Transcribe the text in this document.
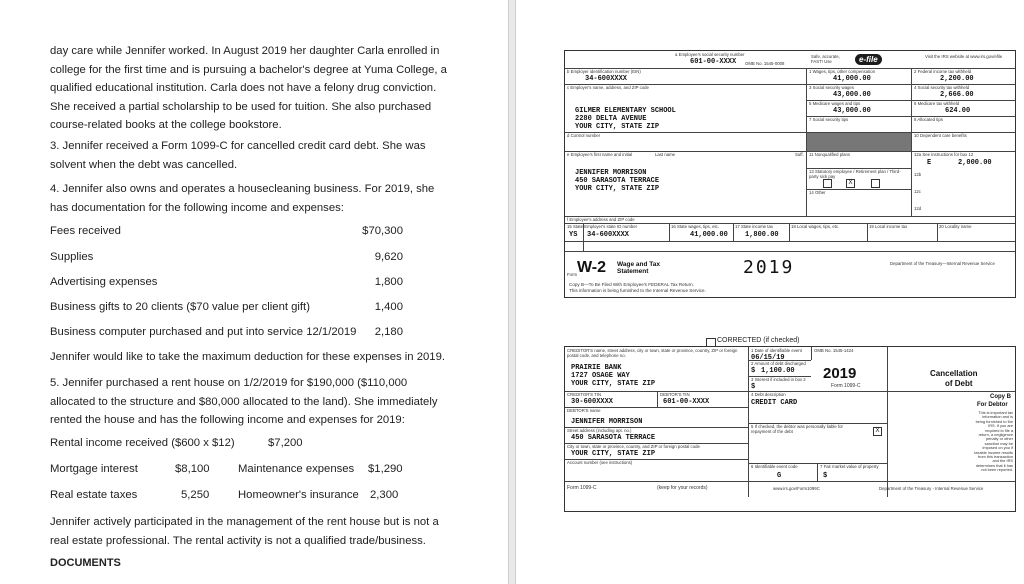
day care while Jennifer worked. In August 2019 her daughter Carla enrolled in college for the first time and is pursuing a bachelor's degree at Yuma College, a qualified educational institution. Carla does not have a felony drug conviction. She received a partial scholarship to be used for tuition. She also purchased course-related books at the college bookstore.

3. Jennifer received a Form 1099-C for cancelled credit card debt. She was solvent when the debt was cancelled.

4. Jennifer also owns and operates a housecleaning business. For 2019, she has documentation for the following income and expenses:

Fees received	$70,300
Supplies	9,620
Advertising expenses	1,800
Business gifts to 20 clients ($70 value per client gift)	1,400
Business computer purchased and put into service 12/1/2019	2,180
Jennifer would like to take the maximum deduction for these expenses in 2019.

5. Jennifer purchased a rent house on 1/2/2019 for $190,000 ($110,000 allocated to the structure and $80,000 allocated to the land). She immediately rented the house and has the following income and expenses for 2019:

Rental income received ($600 x $12)	$7,200
Mortgage interest	$8,100	Maintenance expenses $1,290
Real estate taxes	5,250	Homeowner's insurance 2,300

Jennifer actively participated in the management of the rent house but is not a real estate professional. The rental activity is not a qualified trade/business.

DOCUMENTS
a Employee's social security number
601-00-XXXX OMB No. 1545-0008
Safe, accurate, FAST! Use	e-file	Visit the IRS website at www.irs.gov/efile
b Employer identification number (EIN)
34-600XXXX
1 Wages, tips, other compensation
41,000.00
2 Federal income tax withheld
2,200.00
c Employer's name, address, and ZIP code	3 Social security wages
43,000.00
4 Social security tax withheld
2,666.00
GILMER ELEMENTARY SCHOOL
2280 DELTA AVENUE
YOUR CITY, STATE ZIP
5 Medicare wages and tips
43,000.00
6 Medicare tax withheld
624.00
7 Social security tips	8 Allocated tips
d Control number	10 Dependent care benefits
e Employee's first name and initial	Last name	Suff. 11 Nonqualified plans	12a See instructions for box 12
E	2,000.00
JENNIFER MORRISON
450 SARASOTA TERRACE
YOUR CITY, STATE ZIP
13 Statutory employee / Retirement plan / Third-party sick pay
X
14 Other
12b
12c
12d
f Employee's address and ZIP code
15 State Employer's state ID number
YS 34-600XXXX
16 State wages, tips, etc.
41,000.00
17 State income tax
1,800.00
18 Local wages, tips, etc.	19 Local income tax	20 Locality name
Form W-2 Wage and Tax Statement	2019	Department of the Treasury—Internal Revenue Service
Copy B—To Be Filed With Employee's FEDERAL Tax Return.
This information is being furnished to the Internal Revenue Service.
CORRECTED (if checked)
CREDITOR'S name, street address, city or town, state or province, country, ZIP or foreign postal code, and telephone no.
PRAIRIE BANK
1727 OSAGE WAY
YOUR CITY, STATE ZIP
1 Date of identifiable event
06/15/19
OMB No. 1545-1424
2 Amount of debt discharged
$ 1,100.00
3 Interest if included in box 2
$
2019
Form 1099-C
Cancellation
of Debt
CREDITOR'S TIN
30-600XXXX
DEBTOR'S TIN
601-00-XXXX
4 Debt description
CREDIT CARD
Copy B
For Debtor
This is important tax information and is being furnished to the IRS. If you are required to file a return, a negligence penalty or other sanction may be imposed on you if taxable income results from this transaction and the IRS determines that it has not been reported.
DEBTOR'S name
JENNIFER MORRISON
Street address (including apt. no.)
450 SARASOTA TERRACE
City or town, state or province, country, and ZIP or foreign postal code
YOUR CITY, STATE ZIP
Account number (see instructions)
5 If checked, the debtor was personally liable for repayment of the debt	X
6 Identifiable event code
G
7 Fair market value of property
$
Form 1099-C	(keep for your records)	www.irs.gov/Form1099C	Department of the Treasury - Internal Revenue Service
